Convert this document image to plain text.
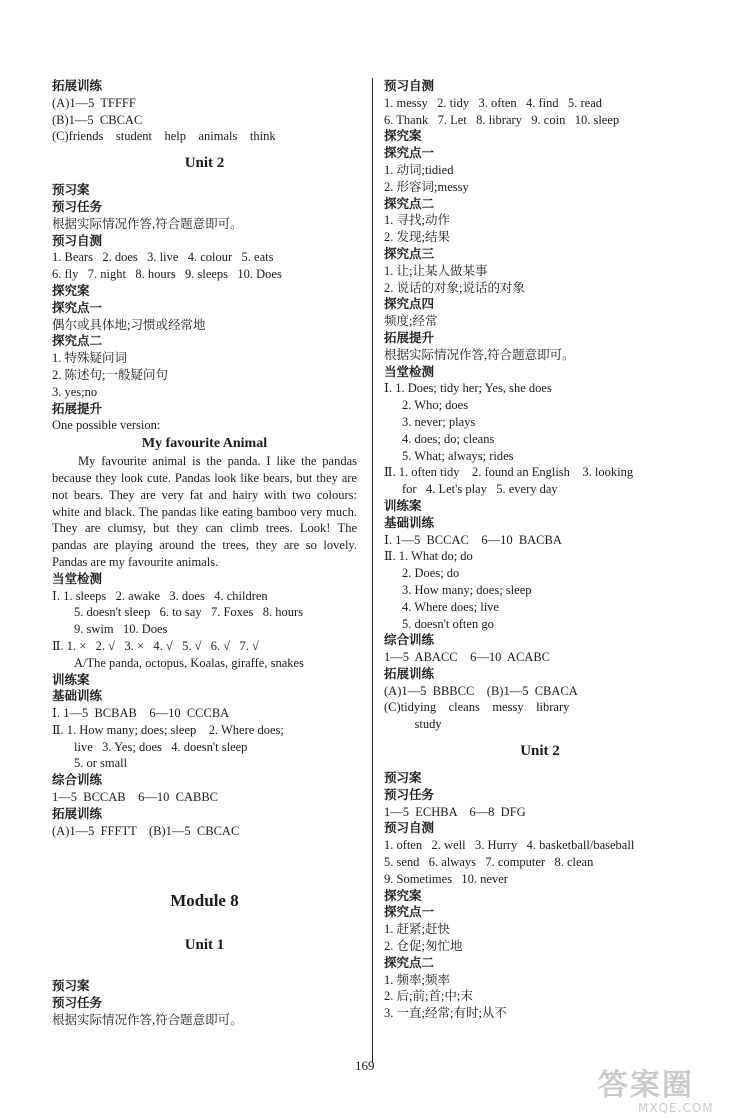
拓展训练
(A)1—5  TFFFF
(B)1—5  CBCAC
(C)friends    student    help    animals    think
Unit 2
预习案
预习任务
根据实际情况作答,符合题意即可。
预习自测
1. Bears   2. does   3. live   4. colour   5. eats
6. fly   7. night   8. hours   9. sleeps   10. Does
探究案
探究点一
偶尔或具体地;习惯或经常地
探究点二
1. 特殊疑问词
2. 陈述句;一般疑问句
3. yes;no
拓展提升
One possible version:
My favourite Animal
My favourite animal is the panda. I like the pandas because they look cute. Pandas look like bears, but they are not bears. They are very fat and hairy with two colours: white and black. The pandas like eating bamboo very much. They are clumsy, but they can climb trees. Look! The pandas are playing around the trees, they are so lovely. Pandas are my favourite animals.
当堂检测
Ⅰ. 1. sleeps   2. awake   3. does   4. children
5. doesn't sleep   6. to say   7. Foxes   8. hours
9. swim   10. Does
Ⅱ. 1. ×   2. √   3. ×   4. √   5. √   6. √   7. √
A/The panda, octopus, Koalas, giraffe, snakes
训练案
基础训练
Ⅰ. 1—5  BCBAB    6—10  CCCBA
Ⅱ. 1. How many; does; sleep    2. Where does;
live   3. Yes; does   4. doesn't sleep
5. or small
综合训练
1—5  BCCAB    6—10  CABBC
拓展训练
(A)1—5  FFFTT    (B)1—5  CBCAC
Module 8
Unit 1
预习案
预习任务
根据实际情况作答,符合题意即可。
预习自测
1. messy   2. tidy   3. often   4. find   5. read
6. Thank   7. Let   8. library   9. coin   10. sleep
探究案
探究点一
1. 动词;tidied
2. 形容词;messy
探究点二
1. 寻找;动作
2. 发现;结果
探究点三
1. 让;让某人做某事
2. 说话的对象;说话的对象
探究点四
频度;经常
拓展提升
根据实际情况作答,符合题意即可。
当堂检测
Ⅰ. 1. Does; tidy her; Yes, she does
2. Who; does
3. never; plays
4. does; do; cleans
5. What; always; rides
Ⅱ. 1. often tidy    2. found an English    3. looking
for   4. Let's play   5. every day
训练案
基础训练
Ⅰ. 1—5  BCCAC    6—10  BACBA
Ⅱ. 1. What do; do
2. Does; do
3. How many; does; sleep
4. Where does; live
5. doesn't often go
综合训练
1—5  ABACC    6—10  ACABC
拓展训练
(A)1—5  BBBCC    (B)1—5  CBACA
(C)tidying    cleans    messy    library
study
Unit 2
预习案
预习任务
1—5  ECHBA    6—8  DFG
预习自测
1. often   2. well   3. Hurry   4. basketball/baseball
5. send   6. always   7. computer   8. clean
9. Sometimes   10. never
探究案
探究点一
1. 赶紧;赶快
2. 仓促;匆忙地
探究点二
1. 频率;频率
2. 后;前;首;中;末
3. 一直;经常;有时;从不
169
答案圈
MXQE.COM
